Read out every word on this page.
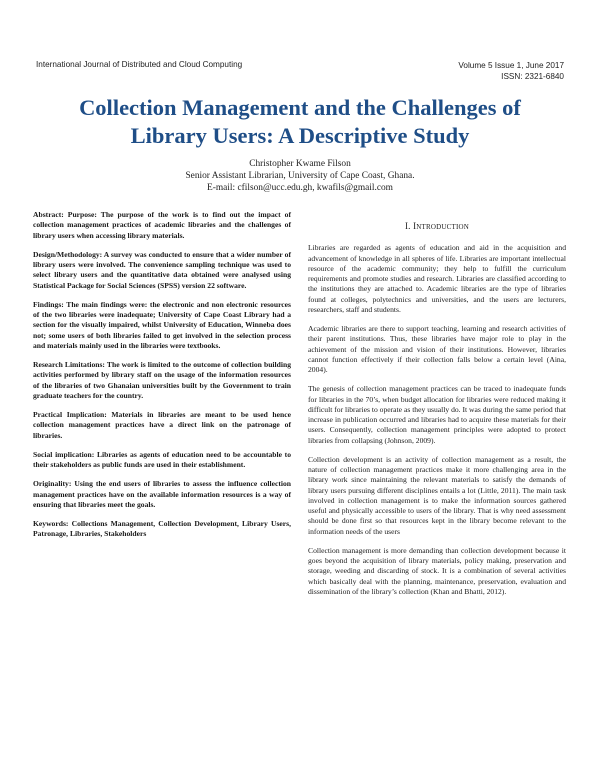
International Journal of Distributed and Cloud Computing	Volume 5 Issue 1, June 2017
ISSN: 2321-6840
Collection Management and the Challenges of
Library Users: A Descriptive Study
Christopher Kwame Filson
Senior Assistant Librarian, University of Cape Coast, Ghana.
E-mail: cfilson@ucc.edu.gh, kwafils@gmail.com

Abstract: Purpose: The purpose of the work is to find out the impact of collection management practices of academic libraries and the challenges of library users when accessing library materials.

Design/Methodology: A survey was conducted to ensure that a wider number of library users were involved. The convenience sampling technique was used to select library users and the quantitative data obtained were analysed using Statistical Package for Social Sciences (SPSS) version 22 software.

Findings: The main findings were: the electronic and non electronic resources of the two libraries were inadequate; University of Cape Coast Library had a section for the visually impaired, whilst University of Education, Winneba does not; some users of both libraries failed to get involved in the selection process and materials mainly used in the libraries were textbooks.

Research Limitations: The work is limited to the outcome of collection building activities performed by library staff on the usage of the information resources of the libraries of two Ghanaian universities built by the Government to train graduate teachers for the country.

Practical Implication: Materials in libraries are meant to be used hence collection management practices have a direct link on the patronage of libraries.

Social implication: Libraries as agents of education need to be accountable to their stakeholders as public funds are used in their establishment.

Originality: Using the end users of libraries to assess the influence collection management practices have on the available information resources is a way of ensuring that libraries meet the goals.

Keywords: Collections Management, Collection Development, Library Users, Patronage, Libraries, Stakeholders

I. INTRODUCTION

Libraries are regarded as agents of education and aid in the acquisition and advancement of knowledge in all spheres of life. Libraries are important intellectual resource of the academic community; they help to fulfill the curriculum requirements and promote studies and research. Libraries are classified according to the institutions they are attached to. Academic libraries are the type of libraries found at colleges, polytechnics and universities, and the users are lecturers, researchers, staff and students.

Academic libraries are there to support teaching, learning and research activities of their parent institutions. Thus, these libraries have major role to play in the achievement of the mission and vision of their institutions. However, libraries cannot function effectively if their collection falls below a certain level (Aina, 2004).

The genesis of collection management practices can be traced to inadequate funds for libraries in the 70’s, when budget allocation for libraries were reduced making it difficult for libraries to operate as they usually do. It was during the same period that increase in publication occurred and libraries had to acquire these materials for their users. Consequently, collection management principles were adopted to protect libraries from collapsing (Johnson, 2009).

Collection development is an activity of collection management as a result, the nature of collection management practices make it more challenging area in the library work since maintaining the relevant materials to satisfy the demands of library users pursuing different disciplines entails a lot (Little, 2011). The main task involved in collection management is to make the information sources gathered useful and physically accessible to users of the library. That is why need assessment should be done first so that resources kept in the library become relevant to the information needs of the users

Collection management is more demanding than collection development because it goes beyond the acquisition of library materials, policy making, preservation and storage, weeding and discarding of stock. It is a combination of several activities which basically deal with the planning, maintenance, preservation, evaluation and dissemination of the library’s collection (Khan and Bhatti, 2012).
